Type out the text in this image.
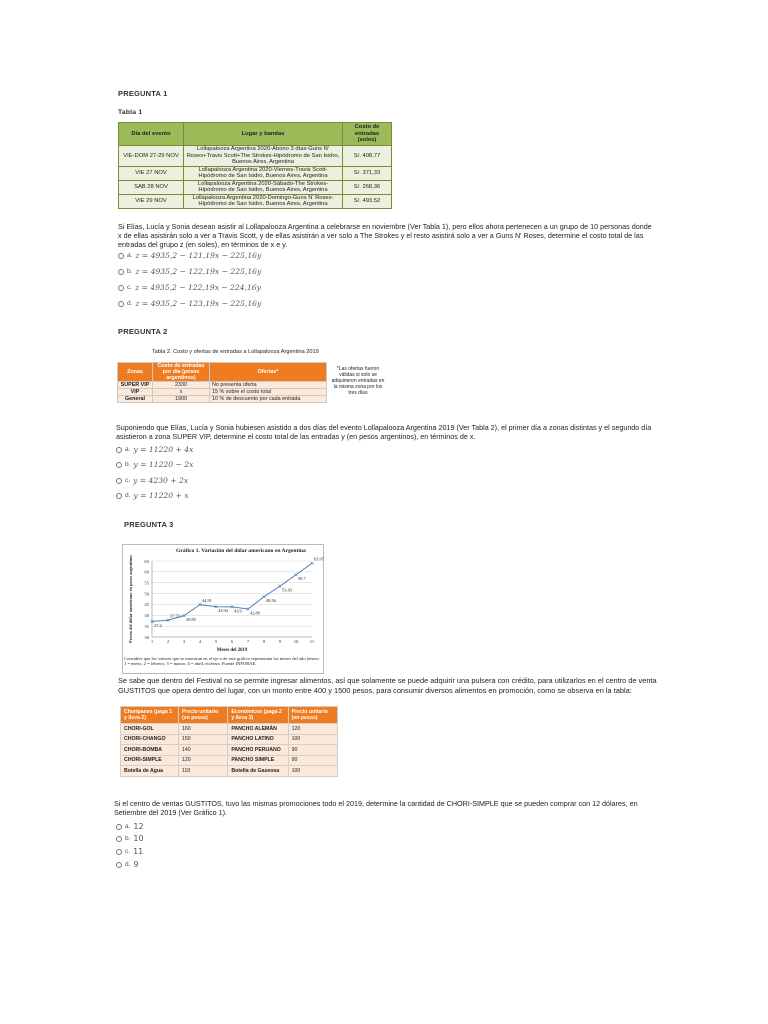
PREGUNTA 1
Tabla 1
Día del evento	Lugar y bandas	Costo de entradas (soles)
VIE-DOM 27-29 NOV	Lollapalooza Argentina 2020-Abono 3 días-Guns N' Roses+Travis Scott+The Strokes-Hipódromo de San Isidro, Buenos Aires, Argentina	S/. 408,77
VIE 27 NOV	Lollapalooza Argentina 2020-Viernes-Travis Scott-Hipódromo de San Isidro, Buenos Aires, Argentina	S/. 371,33
SAB 28 NOV	Lollapalooza Argentina 2020-Sábado-The Strokes-Hipódromo de San Isidro, Buenos Aires, Argentina	S/. 268,36
VIE 29 NOV	Lollapalooza Argentina 2020-Domingo-Guns N' Roses-Hipódromo de San Isidro, Buenos Aires, Argentina	S/. 493,52
Si Elías, Lucía y Sonia desean asistir al Lollapalooza Argentina a celebrarse en noviembre (Ver Tabla 1), pero ellos ahora pertenecen a un grupo de 10 personas donde x de ellas asistirán solo a ver a Travis Scott, y de ellas asistirán a ver solo a The Strokes y el resto asistirá solo a ver a Guns N' Roses, determine el costo total de las entradas del grupo z (en soles), en términos de x e y.
a. z = 4935,2 − 121,19x − 225,16y
b. z = 4935,2 − 122,19x − 225,16y
c. z = 4935,2 − 122,19x − 224,16y
d. z = 4935,2 − 123,19x − 225,16y
PREGUNTA 2
Tabla 2. Costo y ofertas de entradas a Lollapalooza Argentina 2019
Zonas	Costo de entradas por día (pesos argentinos)	Ofertas*
SUPER VIP	2330	No presenta oferta
VIP	x	15 % sobre el costo total
General	1900	10 % de descuento por cada entrada
*Las ofertas fueron válidas si solo se adquirieron entradas en la misma zona por los tres días
Suponiendo que Elías, Lucía y Sonia hubiesen asistido a dos días del evento Lollapalooza Argentina 2019 (Ver Tabla 2), el primer día a zonas distintas y el segundo día asistieron a zona SUPER VIP, determine el costo total de las entradas y (en pesos argentinos), en términos de x.
a. y = 11220 + 4x
b. y = 11220 − 2x
c. y = 4230 + 2x
d. y = 11220 + x
PREGUNTA 3
Gráfico 1. Variación del dólar americano en Argentina
30
35
40
45
50
55
60
65
1	2	3	4	5	6	7	8	9	10 11
37.2
37.72
39.85
44.91
43.94 43.9 42.89
48.56
53.43
58.7
63.97
Meses del 2019
Precio del dólar americano en pesos argentinos
Considere que los valores que se muestran en el eje x de este gráfico representan los meses del año (enero: 1 = enero, 2 = febrero, 3 = marzo, 4 = abril, etcétera. Fuente INFOBAE.
Se sabe que dentro del Festival no se permite ingresar alimentos, así que solamente se puede adquirir una pulsera con crédito, para utilizarlos en el centro de venta GUSTITOS que opera dentro del lugar, con un monto entre 400 y 1500 pesos, para consumir diversos alimentos en promoción, como se observa en la tabla:
Choripanes (paga 1 y lleva 2)	Precio unitario (en pesos)	Económicos (paga 2 y lleva 3)	Precio unitario (en pesos)
CHORI-GOL	160	PANCHO ALEMÁN	120
CHORI-CHANGO	150	PANCHO LATINO	100
CHORI-BOMBA	140	PANCHO PERUANO	90
CHORI-SIMPLE	120	PANCHO SIMPLE	90
Botella de Agua	110	Botella de Gaseosa	100
Si el centro de ventas GUSTITOS, tuvo las mismas promociones todo el 2019, determine la cantidad de CHORI-SIMPLE que se pueden comprar con 12 dólares, en Setiembre del 2019 (Ver Gráfico 1).
a. 12
b. 10
c. 11
d. 9
